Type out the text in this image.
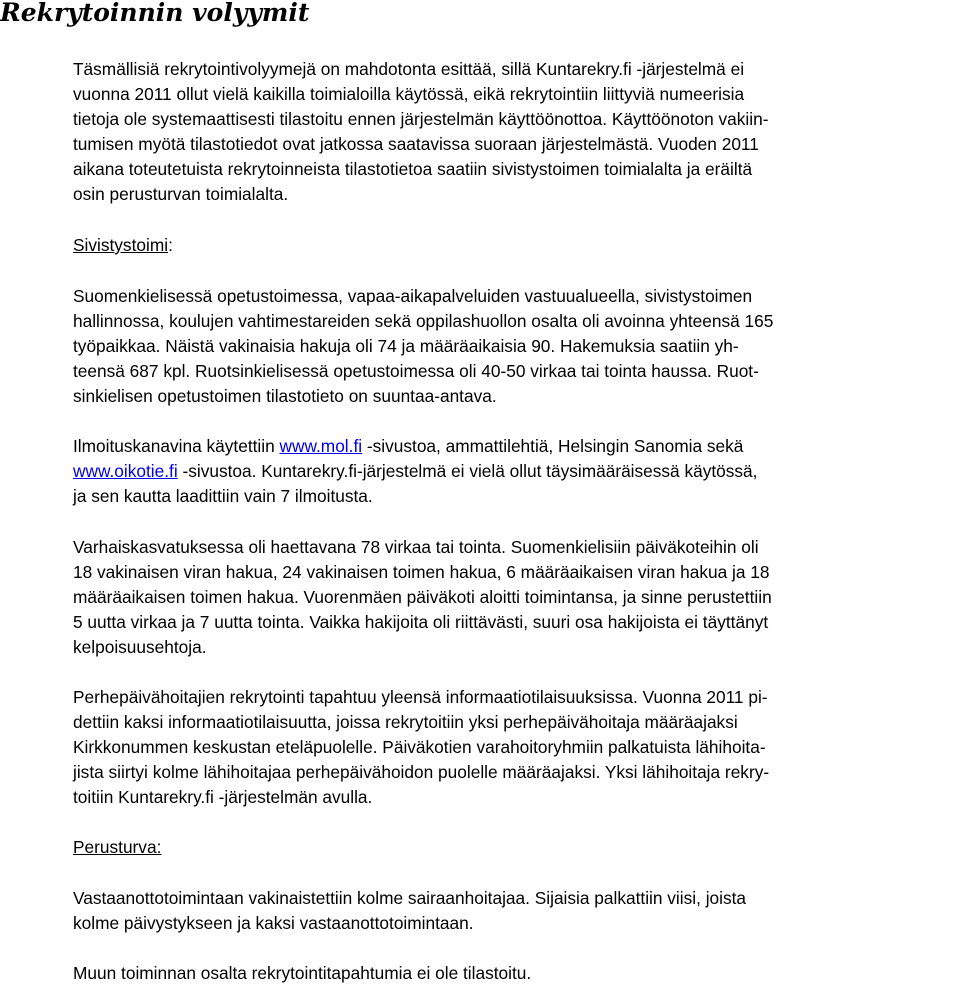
Rekrytoinnin volyymit

Täsmällisiä rekrytointivolyymejä on mahdotonta esittää, sillä Kuntarekry.fi -järjestelmä ei
vuonna 2011 ollut vielä kaikilla toimialoilla käytössä, eikä rekrytointiin liittyviä numeerisia
tietoja ole systemaattisesti tilastoitu ennen järjestelmän käyttöönottoa. Käyttöönoton vakiin-
tumisen myötä tilastotiedot ovat jatkossa saatavissa suoraan järjestelmästä. Vuoden 2011
aikana toteutetuista rekrytoinneista tilastotietoa saatiin sivistystoimen toimialalta ja eräiltä
osin perusturvan toimialalta.

Sivistystoimi:

Suomenkielisessä opetustoimessa, vapaa-aikapalveluiden vastuualueella, sivistystoimen
hallinnossa, koulujen vahtimestareiden sekä oppilashuollon osalta oli avoinna yhteensä 165
työpaikkaa. Näistä vakinaisia hakuja oli 74 ja määräaikaisia 90. Hakemuksia saatiin yh-
teensä 687 kpl. Ruotsinkielisessä opetustoimessa oli 40-50 virkaa tai tointa haussa. Ruot-
sinkielisen opetustoimen tilastotieto on suuntaa-antava.

Ilmoituskanavina käytettiin www.mol.fi -sivustoa, ammattilehtiä, Helsingin Sanomia sekä
www.oikotie.fi -sivustoa. Kuntarekry.fi-järjestelmä ei vielä ollut täysimääräisessä käytössä,
ja sen kautta laadittiin vain 7 ilmoitusta.

Varhaiskasvatuksessa oli haettavana 78 virkaa tai tointa. Suomenkielisiin päiväkoteihin oli
18 vakinaisen viran hakua, 24 vakinaisen toimen hakua, 6 määräaikaisen viran hakua ja 18
määräaikaisen toimen hakua. Vuorenmäen päiväkoti aloitti toimintansa, ja sinne perustettiin
5 uutta virkaa ja 7 uutta tointa. Vaikka hakijoita oli riittävästi, suuri osa hakijoista ei täyttänyt
kelpoisuusehtoja.

Perhepäivähoitajien rekrytointi tapahtuu yleensä informaatiotilaisuuksissa. Vuonna 2011 pi-
dettiin kaksi informaatiotilaisuutta, joissa rekrytoitiin yksi perhepäivähoitaja määräajaksi
Kirkkonummen keskustan eteläpuolelle. Päiväkotien varahoitoryhmiin palkatuista lähihoita-
jista siirtyi kolme lähihoitajaa perhepäivähoidon puolelle määräajaksi. Yksi lähihoitaja rekry-
toitiin Kuntarekry.fi -järjestelmän avulla.

Perusturva:

Vastaanottotoimintaan vakinaistettiin kolme sairaanhoitajaa. Sijaisia palkattiin viisi, joista
kolme päivystykseen ja kaksi vastaanottotoimintaan.

Muun toiminnan osalta rekrytointitapahtumia ei ole tilastoitu.
